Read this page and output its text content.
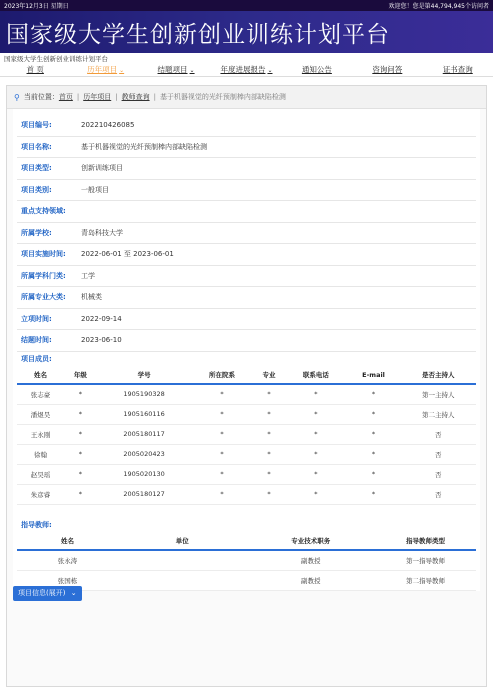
2023年12月3日 星期日	欢迎您！您是第44,794,945个访问者
国家级大学生创新创业训练计划平台
国家级大学生创新创业训练计划平台
首 页	历年项目 ⌄	结题项目 ⌄	年度进展报告 ⌄	通知公告	咨询问答	证书查询
⚲ 当前位置： 首页 | 历年项目 | 教师查询 | 基于机器视觉的光纤预制棒内部缺陷检测
项目编号:	202210426085
项目名称:	基于机器视觉的光纤预制棒内部缺陷检测
项目类型:	创新训练项目
项目类别:	一般项目
重点支持领域:
所属学校:	青岛科技大学
项目实施时间:	2022-06-01 至 2023-06-01
所属学科门类:	工学
所属专业大类:	机械类
立项时间:	2022-09-14
结题时间:	2023-06-10
项目成员:
姓名	年级	学号	所在院系	专业	联系电话	E-mail	是否主持人
张志豪	*	1905190328	*	*	*	*	第一主持人
潘煜昊	*	1905160116	*	*	*	*	第二主持人
王永刚	*	2005180117	*	*	*	*	否
徐翰	*	2005020423	*	*	*	*	否
赵昊瑶	*	1905020130	*	*	*	*	否
朱彦睿	*	2005180127	*	*	*	*	否
指导教师:
姓名	单位	专业技术职务	指导教师类型
张永涛		副教授	第一指导教师
张国栋		副教授	第二指导教师
项目信息(展开) ⌄
